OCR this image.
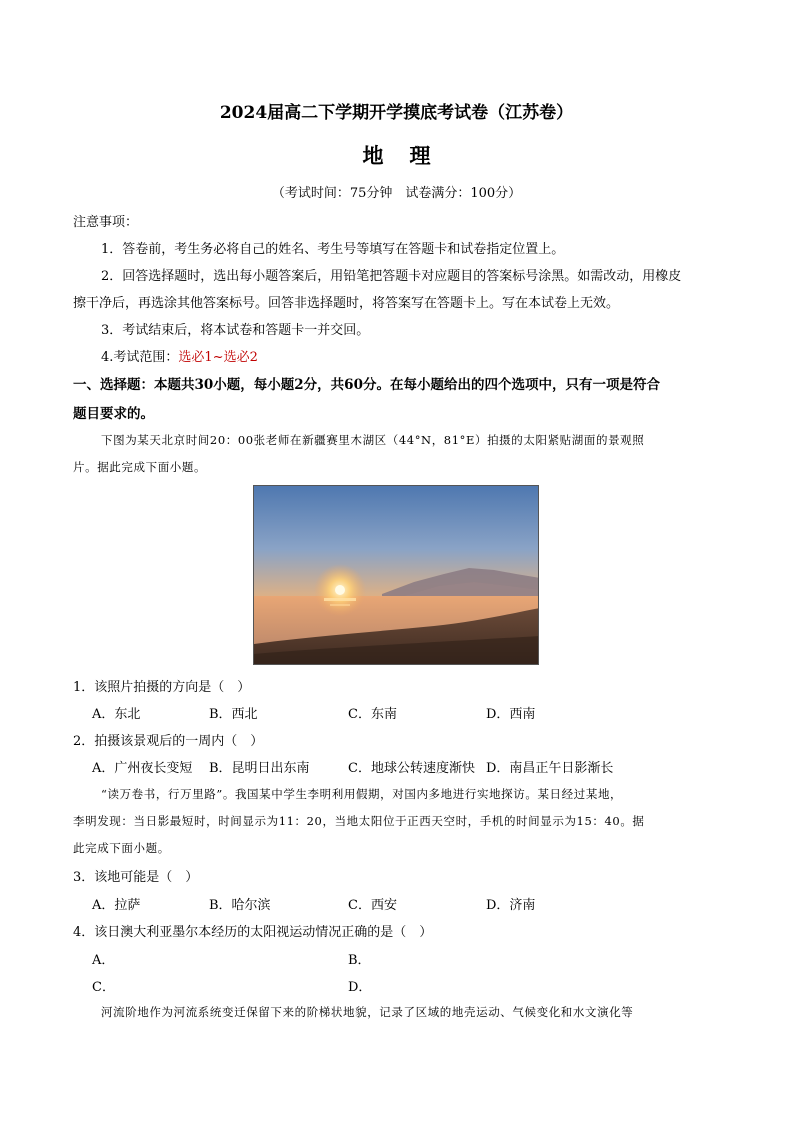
2024届高二下学期开学摸底考试卷（江苏卷）
地理
（考试时间：75分钟　试卷满分：100分）
注意事项：
1．答卷前，考生务必将自己的姓名、考生号等填写在答题卡和试卷指定位置上。
2．回答选择题时，选出每小题答案后，用铅笔把答题卡对应题目的答案标号涂黑。如需改动，用橡皮
擦干净后，再选涂其他答案标号。回答非选择题时，将答案写在答题卡上。写在本试卷上无效。
3．考试结束后，将本试卷和答题卡一并交回。
4.考试范围：选必1~选必2
一、选择题：本题共30小题，每小题2分，共60分。在每小题给出的四个选项中，只有一项是符合
题目要求的。
下图为某天北京时间20：00张老师在新疆赛里木湖区（44°N，81°E）拍摄的太阳紧贴湖面的景观照
片。据此完成下面小题。
1．该照片拍摄的方向是（　）
A．东北	B．西北	C．东南	D．西南
2．拍摄该景观后的一周内（　）
A．广州夜长变短 B．昆明日出东南	C．地球公转速度渐快 D．南昌正午日影渐长
“读万卷书，行万里路”。我国某中学生李明利用假期，对国内多地进行实地探访。某日经过某地，
李明发现：当日影最短时，时间显示为11：20，当地太阳位于正西天空时，手机的时间显示为15：40。据
此完成下面小题。
3．该地可能是（　）
A．拉萨	B．哈尔滨	C．西安	D．济南
4．该日澳大利亚墨尔本经历的太阳视运动情况正确的是（　）
A．	B．
C．	D．
河流阶地作为河流系统变迁保留下来的阶梯状地貌，记录了区域的地壳运动、气候变化和水文演化等
